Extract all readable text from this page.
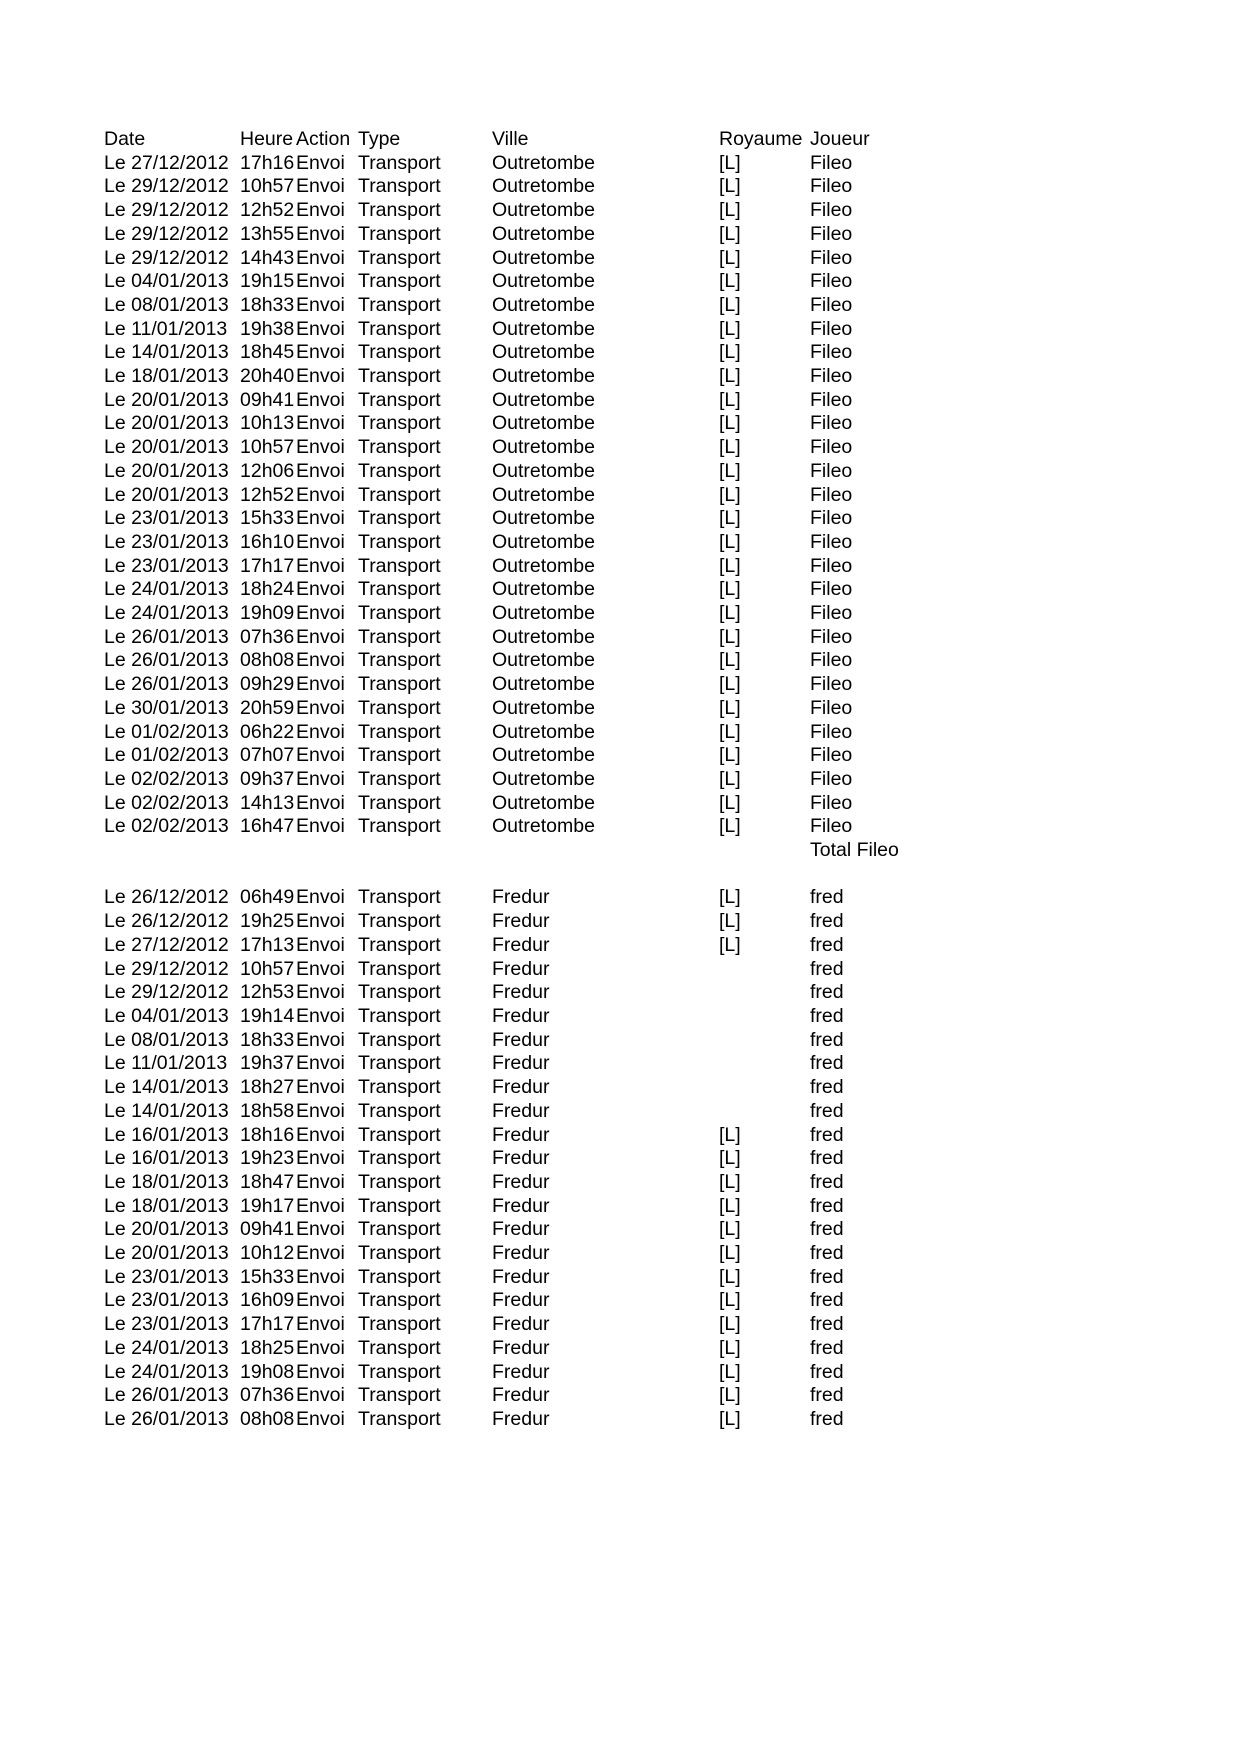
Date	Heure	Action	Type	Ville	Royaume	Joueur
Le 27/12/2012	17h16	Envoi	Transport	Outretombe	[L]	Fileo
Le 29/12/2012	10h57	Envoi	Transport	Outretombe	[L]	Fileo
Le 29/12/2012	12h52	Envoi	Transport	Outretombe	[L]	Fileo
Le 29/12/2012	13h55	Envoi	Transport	Outretombe	[L]	Fileo
Le 29/12/2012	14h43	Envoi	Transport	Outretombe	[L]	Fileo
Le 04/01/2013	19h15	Envoi	Transport	Outretombe	[L]	Fileo
Le 08/01/2013	18h33	Envoi	Transport	Outretombe	[L]	Fileo
Le 11/01/2013	19h38	Envoi	Transport	Outretombe	[L]	Fileo
Le 14/01/2013	18h45	Envoi	Transport	Outretombe	[L]	Fileo
Le 18/01/2013	20h40	Envoi	Transport	Outretombe	[L]	Fileo
Le 20/01/2013	09h41	Envoi	Transport	Outretombe	[L]	Fileo
Le 20/01/2013	10h13	Envoi	Transport	Outretombe	[L]	Fileo
Le 20/01/2013	10h57	Envoi	Transport	Outretombe	[L]	Fileo
Le 20/01/2013	12h06	Envoi	Transport	Outretombe	[L]	Fileo
Le 20/01/2013	12h52	Envoi	Transport	Outretombe	[L]	Fileo
Le 23/01/2013	15h33	Envoi	Transport	Outretombe	[L]	Fileo
Le 23/01/2013	16h10	Envoi	Transport	Outretombe	[L]	Fileo
Le 23/01/2013	17h17	Envoi	Transport	Outretombe	[L]	Fileo
Le 24/01/2013	18h24	Envoi	Transport	Outretombe	[L]	Fileo
Le 24/01/2013	19h09	Envoi	Transport	Outretombe	[L]	Fileo
Le 26/01/2013	07h36	Envoi	Transport	Outretombe	[L]	Fileo
Le 26/01/2013	08h08	Envoi	Transport	Outretombe	[L]	Fileo
Le 26/01/2013	09h29	Envoi	Transport	Outretombe	[L]	Fileo
Le 30/01/2013	20h59	Envoi	Transport	Outretombe	[L]	Fileo
Le 01/02/2013	06h22	Envoi	Transport	Outretombe	[L]	Fileo
Le 01/02/2013	07h07	Envoi	Transport	Outretombe	[L]	Fileo
Le 02/02/2013	09h37	Envoi	Transport	Outretombe	[L]	Fileo
Le 02/02/2013	14h13	Envoi	Transport	Outretombe	[L]	Fileo
Le 02/02/2013	16h47	Envoi	Transport	Outretombe	[L]	Fileo

						Total Fileo

Le 26/12/2012	06h49	Envoi	Transport	Fredur	[L]	fred
Le 26/12/2012	19h25	Envoi	Transport	Fredur	[L]	fred
Le 27/12/2012	17h13	Envoi	Transport	Fredur	[L]	fred
Le 29/12/2012	10h57	Envoi	Transport	Fredur		fred
Le 29/12/2012	12h53	Envoi	Transport	Fredur		fred
Le 04/01/2013	19h14	Envoi	Transport	Fredur		fred
Le 08/01/2013	18h33	Envoi	Transport	Fredur		fred
Le 11/01/2013	19h37	Envoi	Transport	Fredur		fred
Le 14/01/2013	18h27	Envoi	Transport	Fredur		fred
Le 14/01/2013	18h58	Envoi	Transport	Fredur		fred
Le 16/01/2013	18h16	Envoi	Transport	Fredur	[L]	fred
Le 16/01/2013	19h23	Envoi	Transport	Fredur	[L]	fred
Le 18/01/2013	18h47	Envoi	Transport	Fredur	[L]	fred
Le 18/01/2013	19h17	Envoi	Transport	Fredur	[L]	fred
Le 20/01/2013	09h41	Envoi	Transport	Fredur	[L]	fred
Le 20/01/2013	10h12	Envoi	Transport	Fredur	[L]	fred
Le 23/01/2013	15h33	Envoi	Transport	Fredur	[L]	fred
Le 23/01/2013	16h09	Envoi	Transport	Fredur	[L]	fred
Le 23/01/2013	17h17	Envoi	Transport	Fredur	[L]	fred
Le 24/01/2013	18h25	Envoi	Transport	Fredur	[L]	fred
Le 24/01/2013	19h08	Envoi	Transport	Fredur	[L]	fred
Le 26/01/2013	07h36	Envoi	Transport	Fredur	[L]	fred
Le 26/01/2013	08h08	Envoi	Transport	Fredur	[L]	fred
